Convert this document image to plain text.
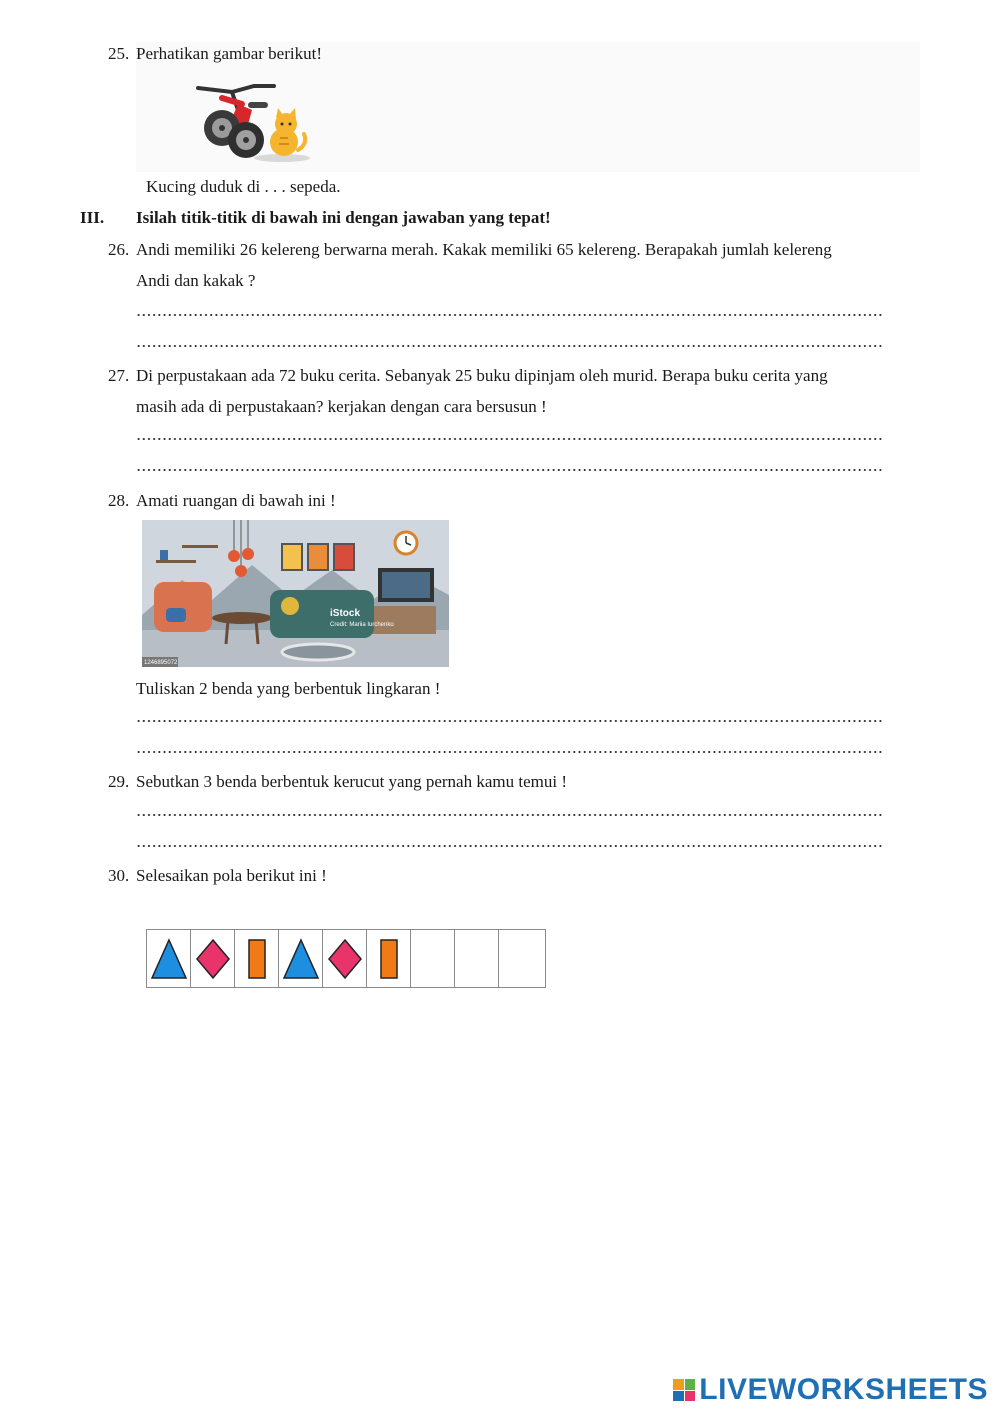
25. Perhatikan gambar berikut!
Kucing duduk di . . . sepeda.
III. Isilah titik-titik di bawah ini dengan jawaban yang tepat!
26. Andi memiliki 26 kelereng berwarna merah. Kakak memiliki 65 kelereng. Berapakah jumlah kelereng
Andi dan kakak ?
27. Di perpustakaan ada 72 buku cerita. Sebanyak 25 buku dipinjam oleh murid. Berapa buku cerita yang
masih ada di perpustakaan? kerjakan dengan cara bersusun !
28. Amati ruangan di bawah ini !
iStock
Credit: Mariia Iurchenko
1246895072
Tuliskan 2 benda yang berbentuk lingkaran !
29. Sebutkan 3 benda berbentuk kerucut yang pernah kamu temui !
30. Selesaikan pola berikut ini !
LIVEWORKSHEETS
